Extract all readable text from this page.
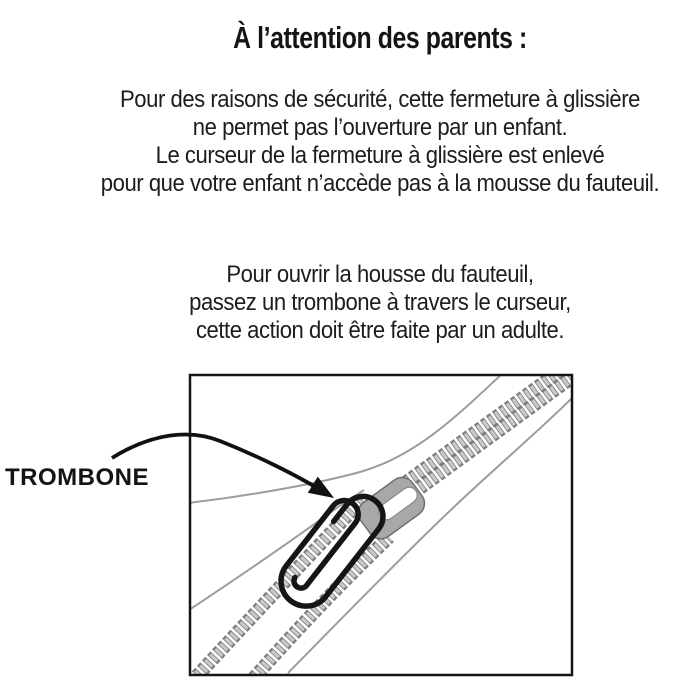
À l’attention des parents :
Pour des raisons de sécurité, cette fermeture à glissière
ne permet pas l’ouverture par un enfant.
Le curseur de la fermeture à glissière est enlevé
pour que votre enfant n’accède pas à la mousse du fauteuil.
Pour ouvrir la housse du fauteuil,
passez un trombone à travers le curseur,
cette action doit être faite par un adulte.
TROMBONE
